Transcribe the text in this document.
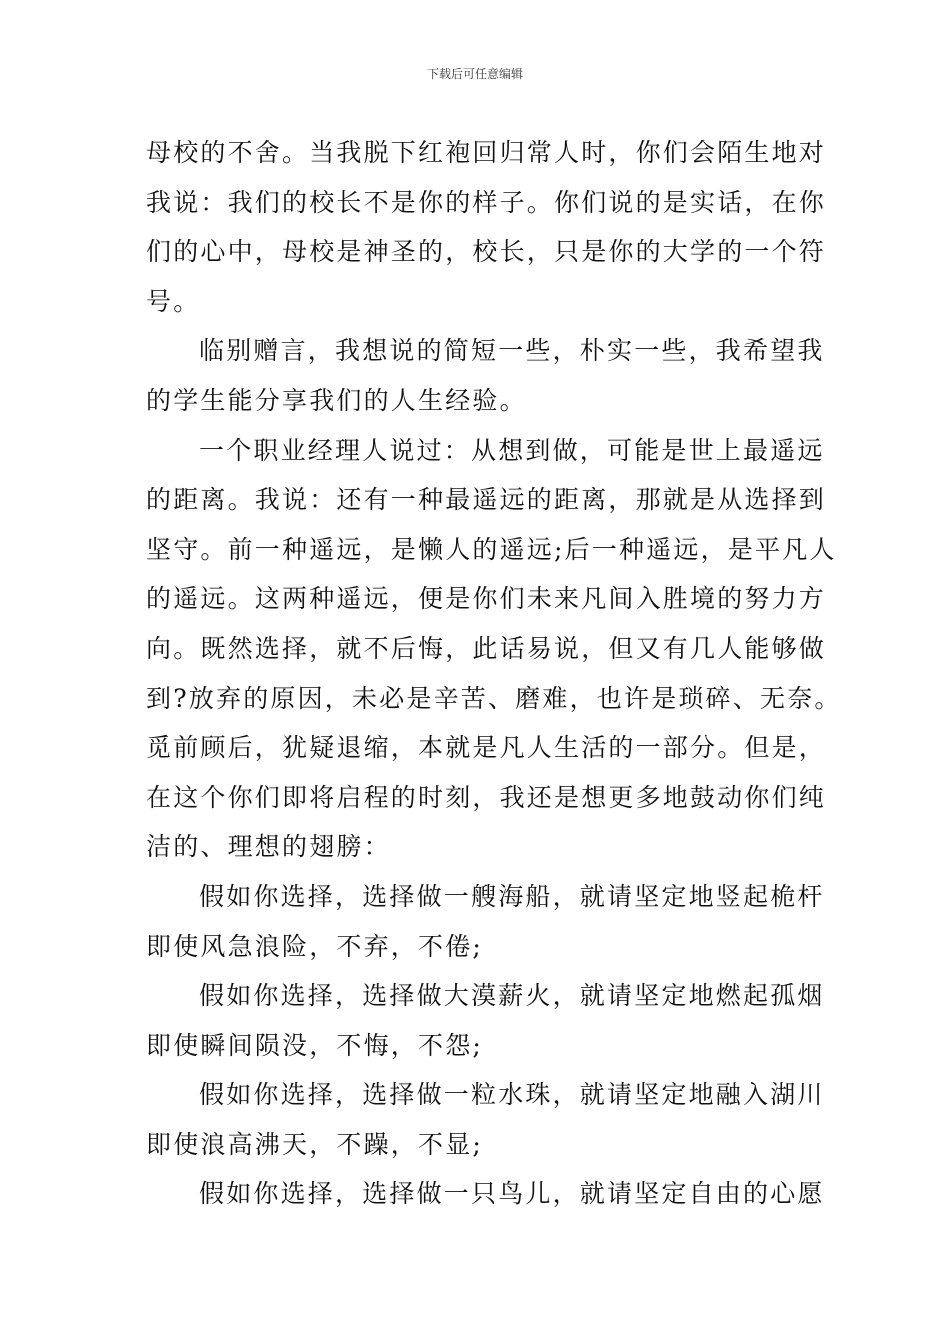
下载后可任意编辑
母校的不舍。当我脱下红袍回归常人时，你们会陌生地对
我说：我们的校长不是你的样子。你们说的是实话，在你
们的心中，母校是神圣的，校长，只是你的大学的一个符
号。
临别赠言，我想说的简短一些，朴实一些，我希望我
的学生能分享我们的人生经验。
一个职业经理人说过：从想到做，可能是世上最遥远
的距离。我说：还有一种最遥远的距离，那就是从选择到
坚守。前一种遥远，是懒人的遥远;后一种遥远，是平凡人
的遥远。这两种遥远，便是你们未来凡间入胜境的努力方
向。既然选择，就不后悔，此话易说，但又有几人能够做
到?放弃的原因，未必是辛苦、磨难，也许是琐碎、无奈。
觅前顾后，犹疑退缩，本就是凡人生活的一部分。但是，
在这个你们即将启程的时刻，我还是想更多地鼓动你们纯
洁的、理想的翅膀：
假如你选择，选择做一艘海船，就请坚定地竖起桅杆
即使风急浪险，不弃，不倦;
假如你选择，选择做大漠薪火，就请坚定地燃起孤烟
即使瞬间陨没，不悔，不怨;
假如你选择，选择做一粒水珠，就请坚定地融入湖川
即使浪高沸天，不躁，不显;
假如你选择，选择做一只鸟儿，就请坚定自由的心愿
